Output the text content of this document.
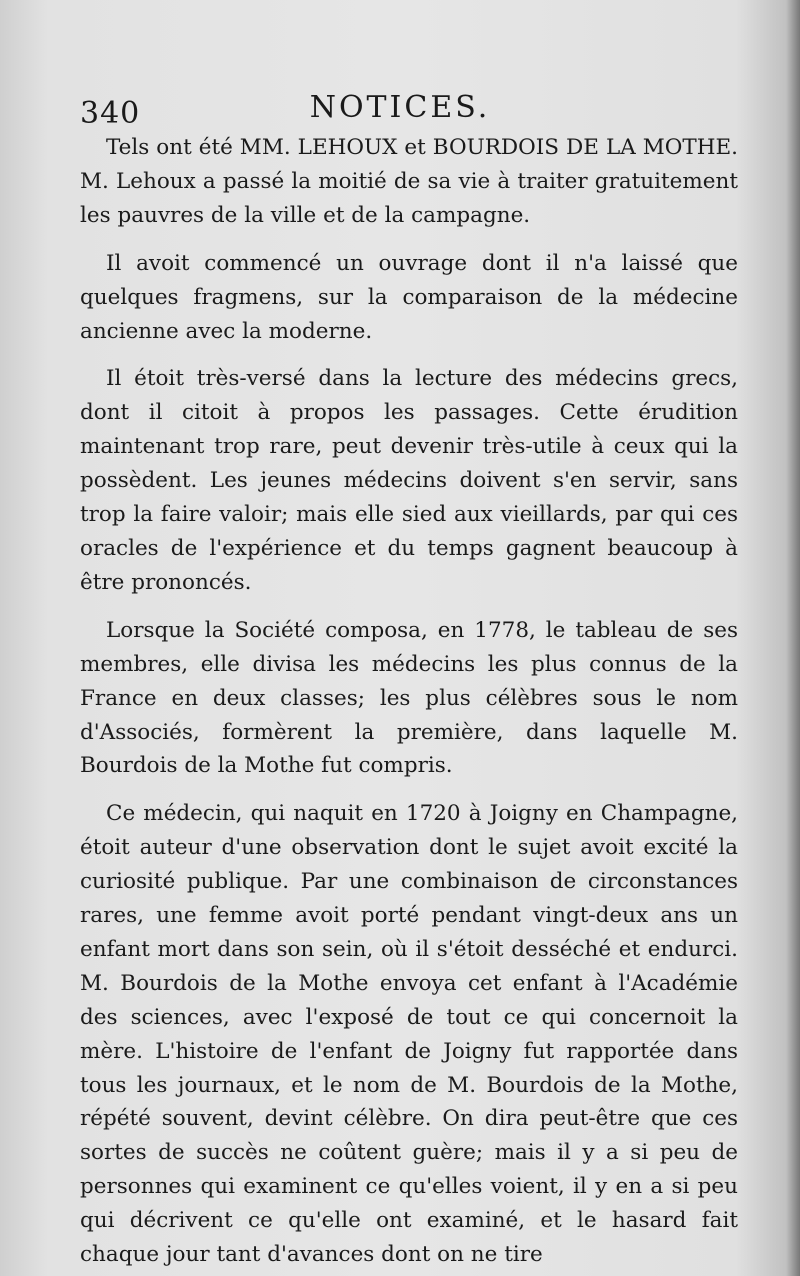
340	NOTICES.

Tels ont été MM. LEHOUX et BOURDOIS DE LA MOTHE. M. Lehoux a passé la moitié de sa vie à traiter gratuitement les pauvres de la ville et de la campagne.

Il avoit commencé un ouvrage dont il n'a laissé que quelques fragmens, sur la comparaison de la médecine ancienne avec la moderne.

Il étoit très-versé dans la lecture des médecins grecs, dont il citoit à propos les passages. Cette érudition maintenant trop rare, peut devenir très-utile à ceux qui la possèdent. Les jeunes médecins doivent s'en servir, sans trop la faire valoir; mais elle sied aux vieillards, par qui ces oracles de l'expérience et du temps gagnent beaucoup à être prononcés.

Lorsque la Société composa, en 1778, le tableau de ses membres, elle divisa les médecins les plus connus de la France en deux classes; les plus célèbres sous le nom d'Associés, formèrent la première, dans laquelle M. Bourdois de la Mothe fut compris.

Ce médecin, qui naquit en 1720 à Joigny en Champagne, étoit auteur d'une observation dont le sujet avoit excité la curiosité publique. Par une combinaison de circonstances rares, une femme avoit porté pendant vingt-deux ans un enfant mort dans son sein, où il s'étoit desséché et endurci. M. Bourdois de la Mothe envoya cet enfant à l'Académie des sciences, avec l'exposé de tout ce qui concernoit la mère. L'histoire de l'enfant de Joigny fut rapportée dans tous les journaux, et le nom de M. Bourdois de la Mothe, répété souvent, devint célèbre. On dira peut-être que ces sortes de succès ne coûtent guère; mais il y a si peu de personnes qui examinent ce qu'elles voient, il y en a si peu qui décrivent ce qu'elle ont examiné, et le hasard fait chaque jour tant d'avances dont on ne tire
